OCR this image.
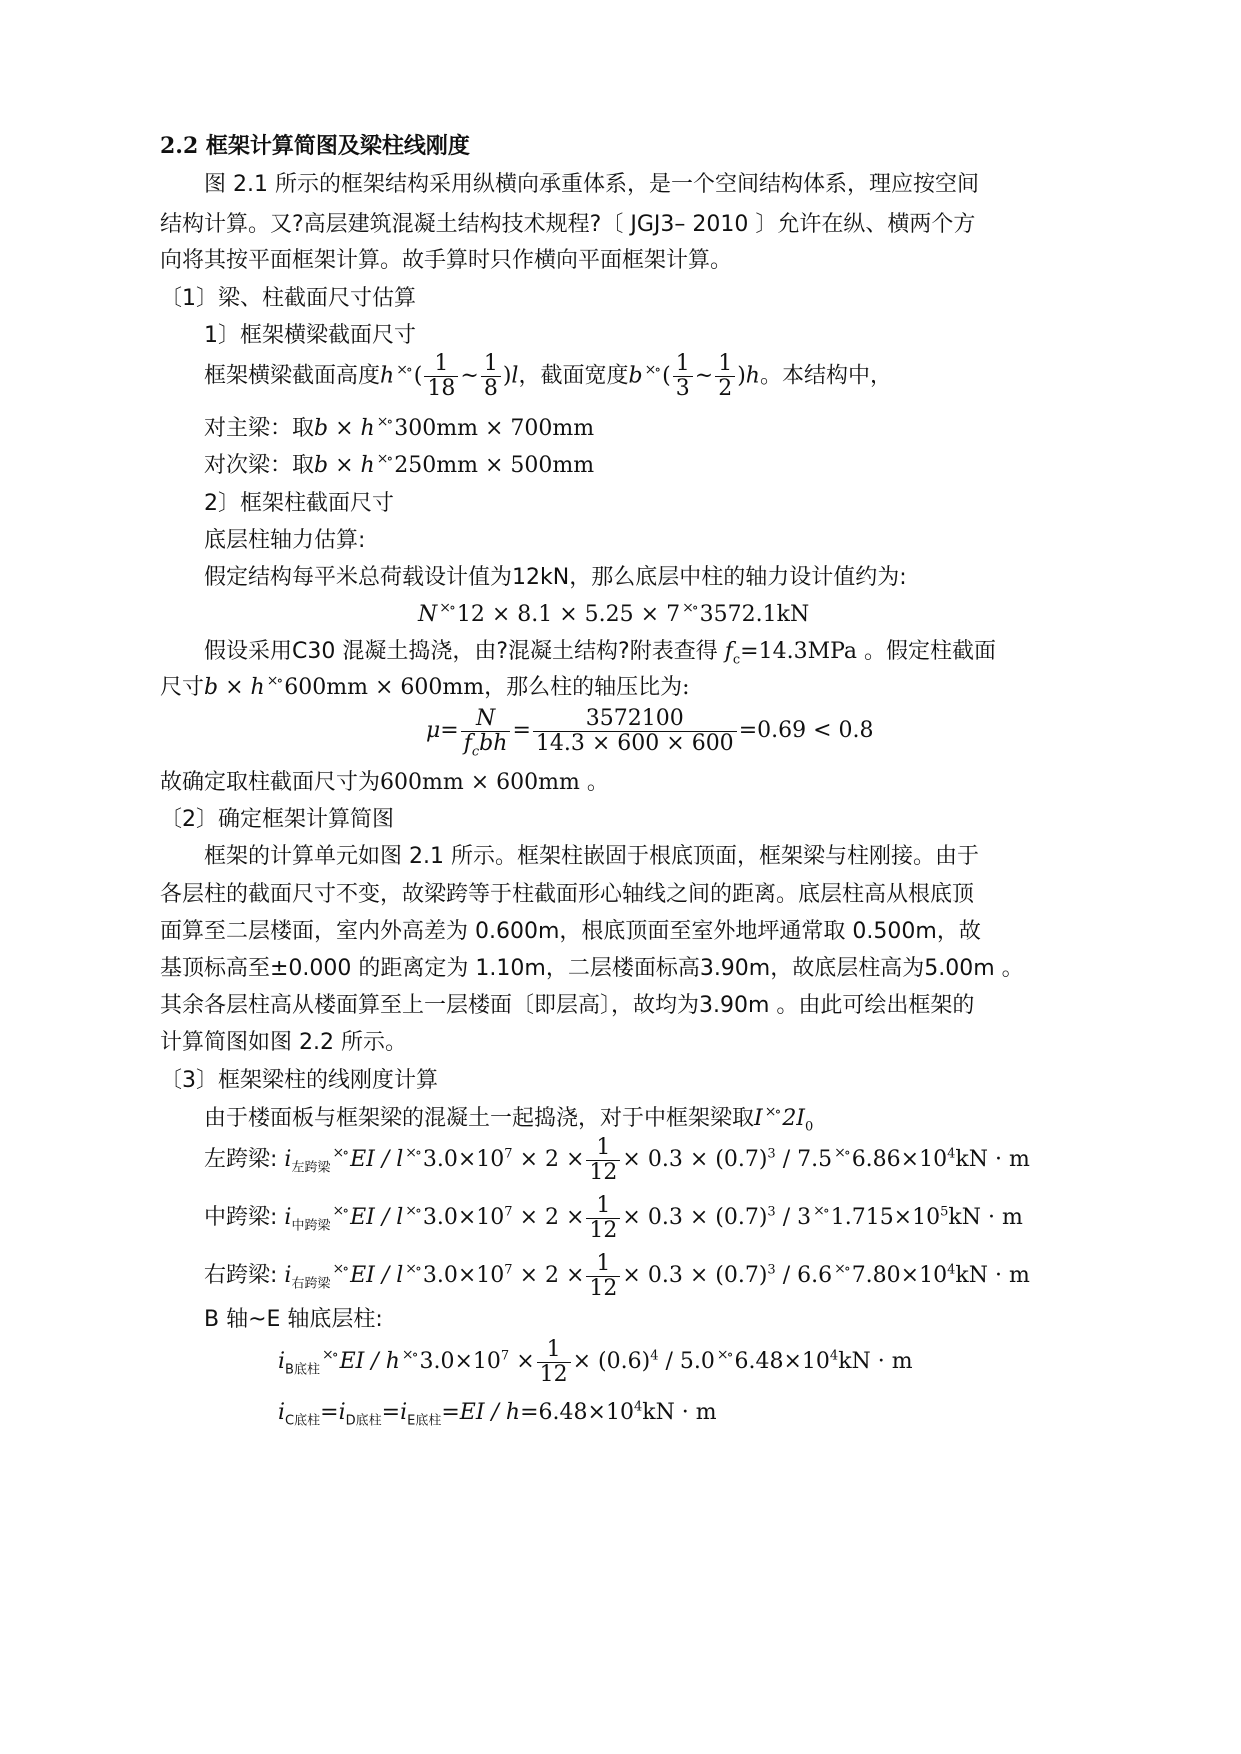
2.2 框架计算简图及梁柱线刚度
图 2.1 所示的框架结构采用纵横向承重体系，是一个空间结构体系，理应按空间
结构计算。又?高层建筑混凝土结构技术规程?〔 JGJ3– 2010 〕允许在纵、横两个方
向将其按平面框架计算。故手算时只作横向平面框架计算。
〔1〕梁、柱截面尺寸估算
1〕框架横梁截面尺寸
框架横梁截面高度h ×∘ ( $\frac{1}{18}$ ~ $\frac{1}{8} )l$，截面宽度b ×∘ ( $\frac{1}{3}$ ~ $\frac{1}{2} )h$。本结构中，
对主梁：取b × h ×∘ 300mm × 700mm
对次梁：取b × h ×∘ 250mm × 500mm
2〕框架柱截面尺寸
底层柱轴力估算:
假定结构每平米总荷载设计值为12kN，那么底层中柱的轴力设计值约为:
N ×∘ 12 × 8.1 × 5.25 × 7 ×∘ 3572.1kN
假设采用C30 混凝土捣浇，由?混凝土结构?附表查得 $f_c=14.3MPa$ 。假定柱截面
尺寸b × h ×∘ 600mm × 600mm，那么柱的轴压比为:
$\mu= \frac{N}{f_cbh} = \frac{3572100}{14.3 \times 600 \times 600} =0.69 < 0.8$
故确定取柱截面尺寸为600mm × 600mm 。
〔2〕确定框架计算简图
框架的计算单元如图 2.1 所示。框架柱嵌固于根底顶面，框架梁与柱刚接。由于
各层柱的截面尺寸不变，故梁跨等于柱截面形心轴线之间的距离。底层柱高从根底顶
面算至二层楼面，室内外高差为 0.600m，根底顶面至室外地坪通常取 0.500m，故
基顶标高至±0.000 的距离定为 1.10m，二层楼面标高3.90m，故底层柱高为5.00m 。
其余各层柱高从楼面算至上一层楼面〔即层高〕，故均为3.90m 。由此可绘出框架的
计算简图如图 2.2 所示。
〔3〕框架梁柱的线刚度计算
由于楼面板与框架梁的混凝土一起捣浇，对于中框架梁取I ×∘ $2I_0$
左跨梁: $i_{左跨梁}^{\times\circ}$ EI / l ×∘ $3.0\times 10^7 \times 2 \times \frac{1}{12} \times 0.3 \times (0.7)^3 / 7.5$ ×∘ $6.86\times 10^4kN \cdot m$
中跨梁: $i_{中跨梁}^{\times\circ}$ EI / l ×∘ $3.0\times 10^7 \times 2 \times \frac{1}{12} \times 0.3 \times (0.7)^3 / 3$ ×∘ $1.715\times 10^5kN \cdot m$
右跨梁: $i_{右跨梁}^{\times\circ}$ EI / l ×∘ $3.0\times 10^7 \times 2 \times \frac{1}{12} \times 0.3 \times (0.7)^3 / 6.6$ ×∘ $7.80\times 10^4kN \cdot m$
B 轴~E 轴底层柱:
$i_{B底柱}^{\times\circ}$ EI / h ×∘ $3.0\times 10^7 \times \frac{1}{12} \times (0.6)^4 / 5.0$ ×∘ $6.48\times 10^4kN \cdot m$
$i_{C底柱}=i_{D底柱}=i_{E底柱}=EI / h=6.48\times 10^4kN \cdot m$
